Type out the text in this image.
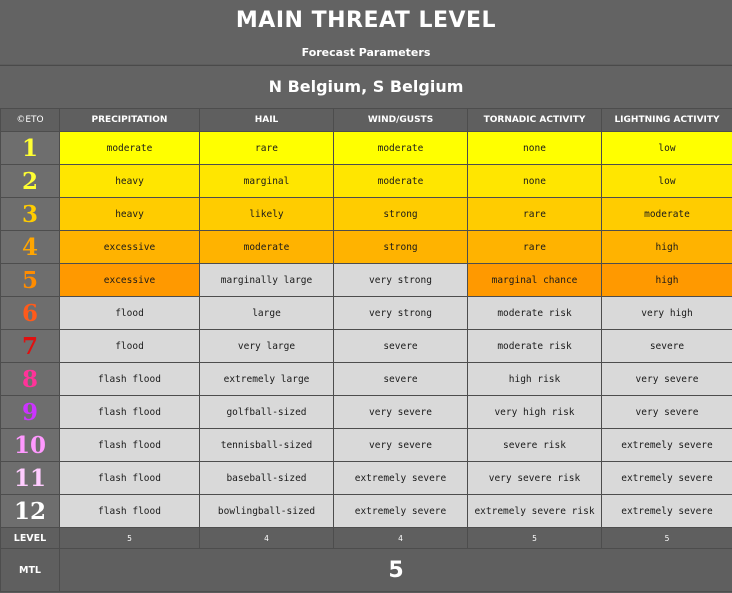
MAIN THREAT LEVEL
Forecast Parameters
N Belgium, S Belgium
©ETO	PRECIPITATION	HAIL	WIND/GUSTS	TORNADIC ACTIVITY	LIGHTNING ACTIVITY
1	moderate	rare	moderate	none	low
2	heavy	marginal	moderate	none	low
3	heavy	likely	strong	rare	moderate
4	excessive	moderate	strong	rare	high
5	excessive	marginally large	very strong	marginal chance	high
6	flood	large	very strong	moderate risk	very high
7	flood	very large	severe	moderate risk	severe
8	flash flood	extremely large	severe	high risk	very severe
9	flash flood	golfball-sized	very severe	very high risk	very severe
10	flash flood	tennisball-sized	very severe	severe risk	extremely severe
11	flash flood	baseball-sized	extremely severe	very severe risk	extremely severe
12	flash flood	bowlingball-sized	extremely severe	extremely severe risk	extremely severe
LEVEL	5	4	4	5	5
MTL	5				
